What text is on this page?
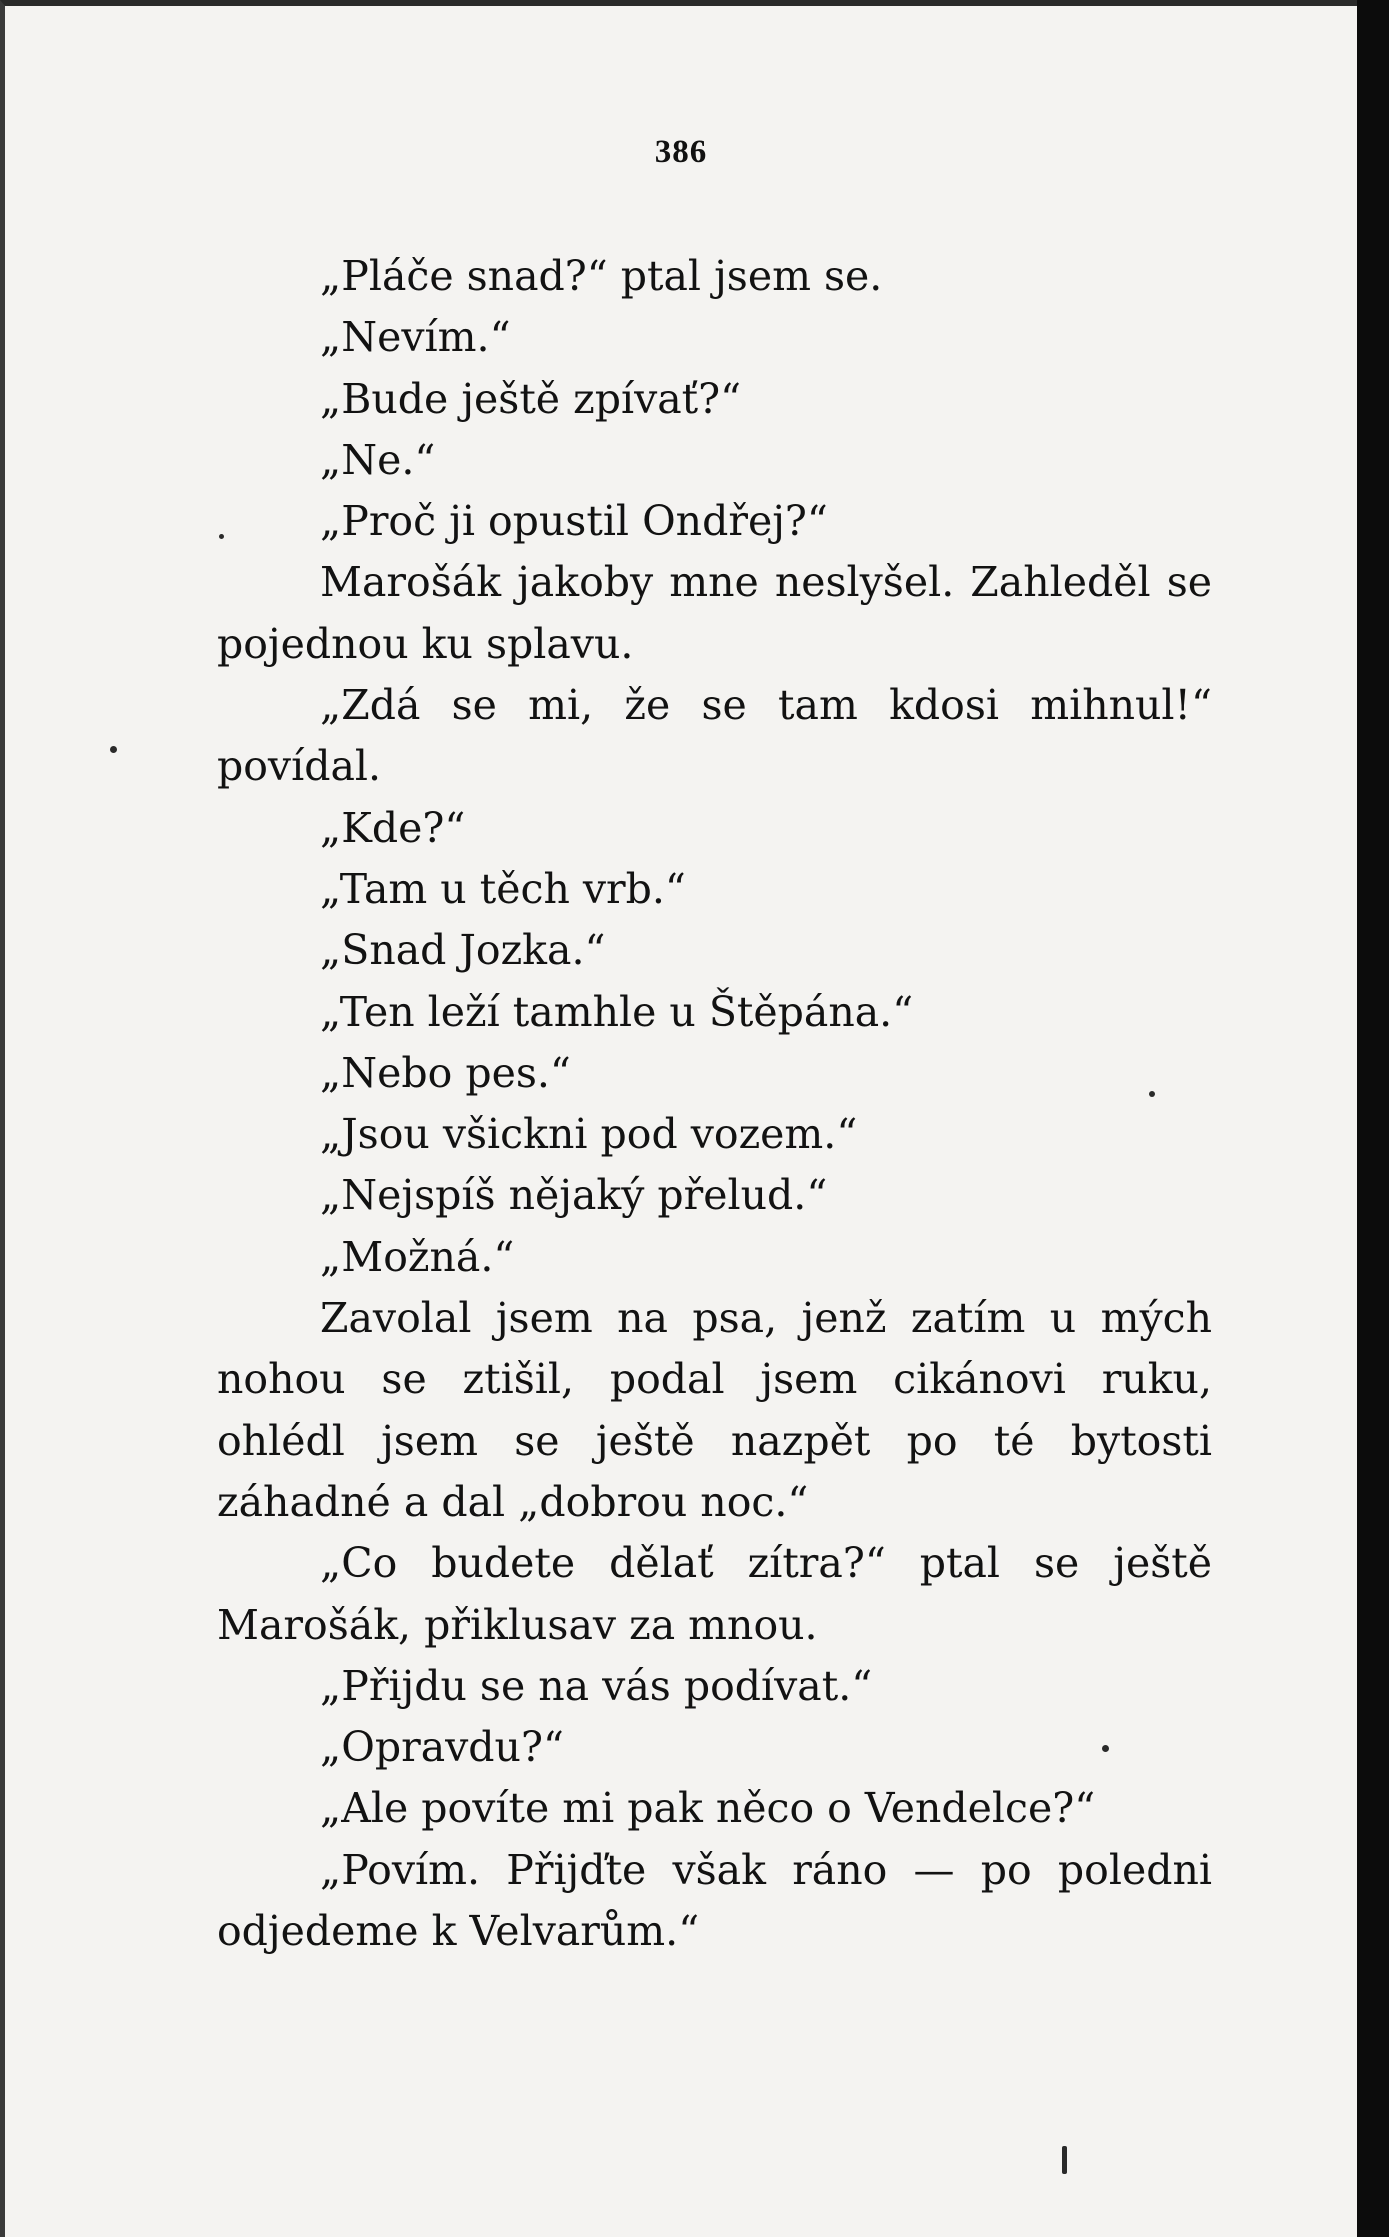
386

„Pláče snad?“ ptal jsem se.

„Nevím.“

„Bude ještě zpívať?“

„Ne.“

„Proč ji opustil Ondřej?“

Marošák jakoby mne neslyšel. Zahleděl se pojednou ku splavu.

„Zdá se mi, že se tam kdosi mihnul!“ povídal.

„Kde?“

„Tam u těch vrb.“

„Snad Jozka.“

„Ten leží tamhle u Štěpána.“

„Nebo pes.“

„Jsou všickni pod vozem.“

„Nejspíš nějaký přelud.“

„Možná.“

Zavolal jsem na psa, jenž zatím u mých nohou se ztišil, podal jsem cikánovi ruku, ohlédl jsem se ještě nazpět po té bytosti záhadné a dal „dobrou noc.“

„Co budete dělať zítra?“ ptal se ještě Marošák, přiklusav za mnou.

„Přijdu se na vás podívat.“

„Opravdu?“

„Ale povíte mi pak něco o Vendelce?“

„Povím. Přijďte však ráno — po poledni odjedeme k Velvarům.“
